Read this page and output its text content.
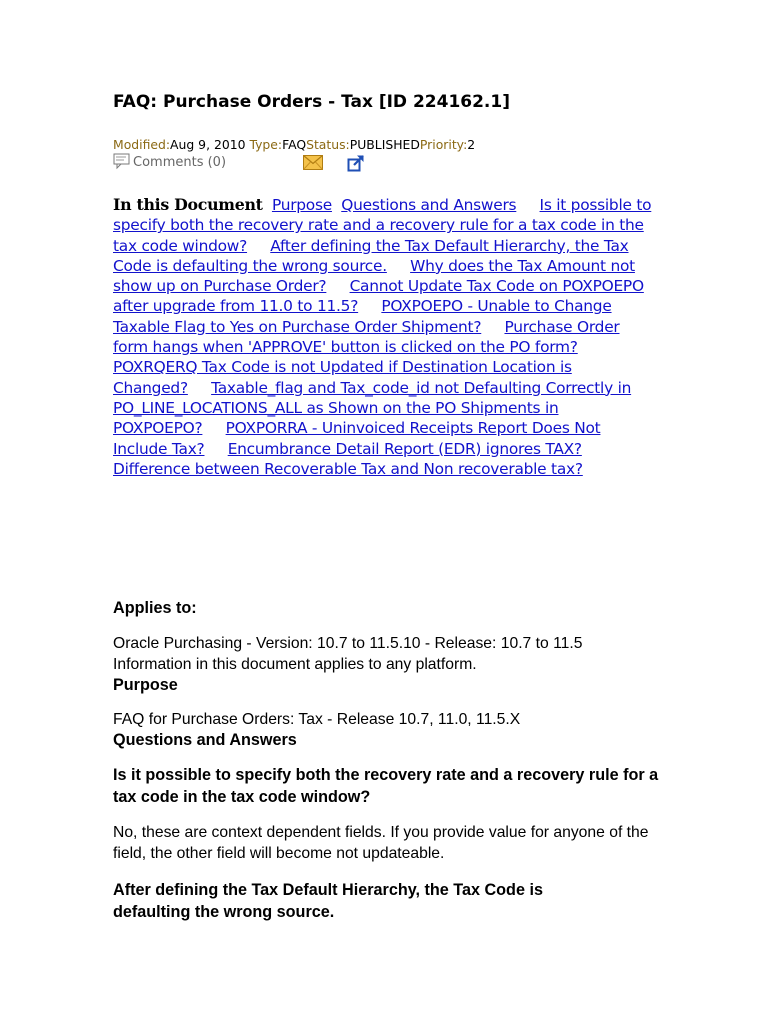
FAQ: Purchase Orders - Tax [ID 224162.1]
Modified:Aug 9, 2010 Type:FAQStatus:PUBLISHEDPriority:2
Comments (0)
In this Document Purpose Questions and Answers Is it possible to specify both the recovery rate and a recovery rule for a tax code in the tax code window? After defining the Tax Default Hierarchy, the Tax Code is defaulting the wrong source. Why does the Tax Amount not show up on Purchase Order? Cannot Update Tax Code on POXPOEPO after upgrade from 11.0 to 11.5? POXPOEPO - Unable to Change Taxable Flag to Yes on Purchase Order Shipment? Purchase Order form hangs when 'APPROVE' button is clicked on the PO form?     POXRQERQ Tax Code is not Updated if Destination Location is Changed? Taxable_flag and Tax_code_id not Defaulting Correctly in PO_LINE_LOCATIONS_ALL as Shown on the PO Shipments in POXPOEPO? POXPORRA - Uninvoiced Receipts Report Does Not Include Tax? Encumbrance Detail Report (EDR) ignores TAX?     Difference between Recoverable Tax and Non recoverable tax?
Applies to:
Oracle Purchasing - Version: 10.7 to 11.5.10 - Release: 10.7 to 11.5
Information in this document applies to any platform.
Purpose
FAQ for Purchase Orders: Tax - Release 10.7, 11.0, 11.5.X
Questions and Answers
Is it possible to specify both the recovery rate and a recovery rule for a tax code in the tax code window?
No, these are context dependent fields. If you provide value for anyone of the field, the other field will become not updateable.
After defining the Tax Default Hierarchy, the Tax Code is defaulting the wrong source.
